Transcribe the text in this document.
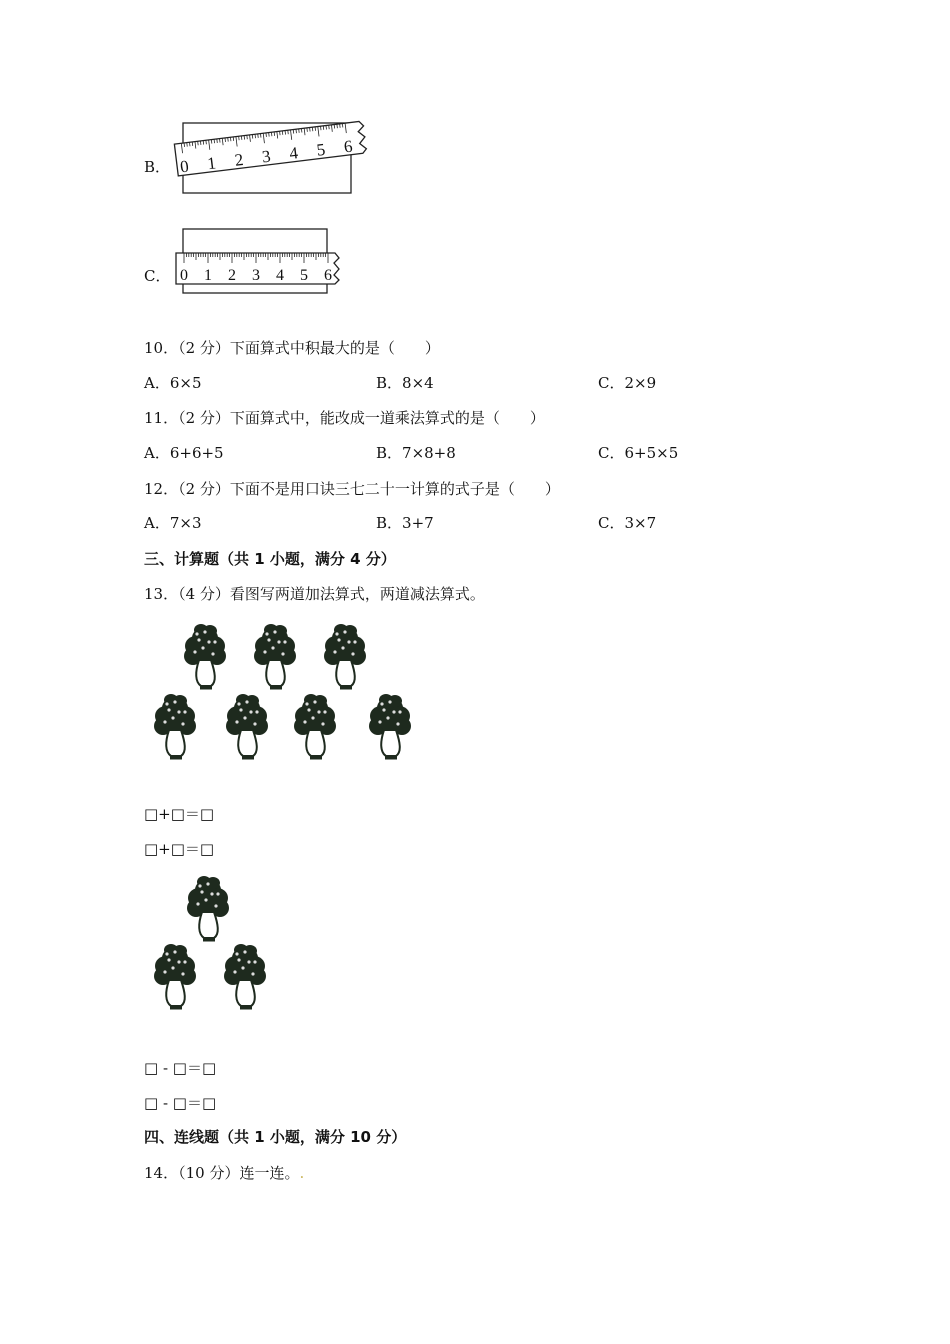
B． 0 1 2 3 4 5 6
C． 0 1 2 3 4 5 6
10．（2 分）下面算式中积最大的是（　　）
A．6×5	B．8×4	C．2×9
11．（2 分）下面算式中，能改成一道乘法算式的是（　　）
A．6+6+5	B．7×8+8	C．6+5×5
12．（2 分）下面不是用口诀三七二十一计算的式子是（　　）
A．7×3	B．3+7	C．3×7
三、计算题（共 1 小题，满分 4 分）
13．（4 分）看图写两道加法算式，两道减法算式。
□+□＝□
□+□＝□
□ - □＝□
□ - □＝□
四、连线题（共 1 小题，满分 10 分）
14．（10 分）连一连。.
